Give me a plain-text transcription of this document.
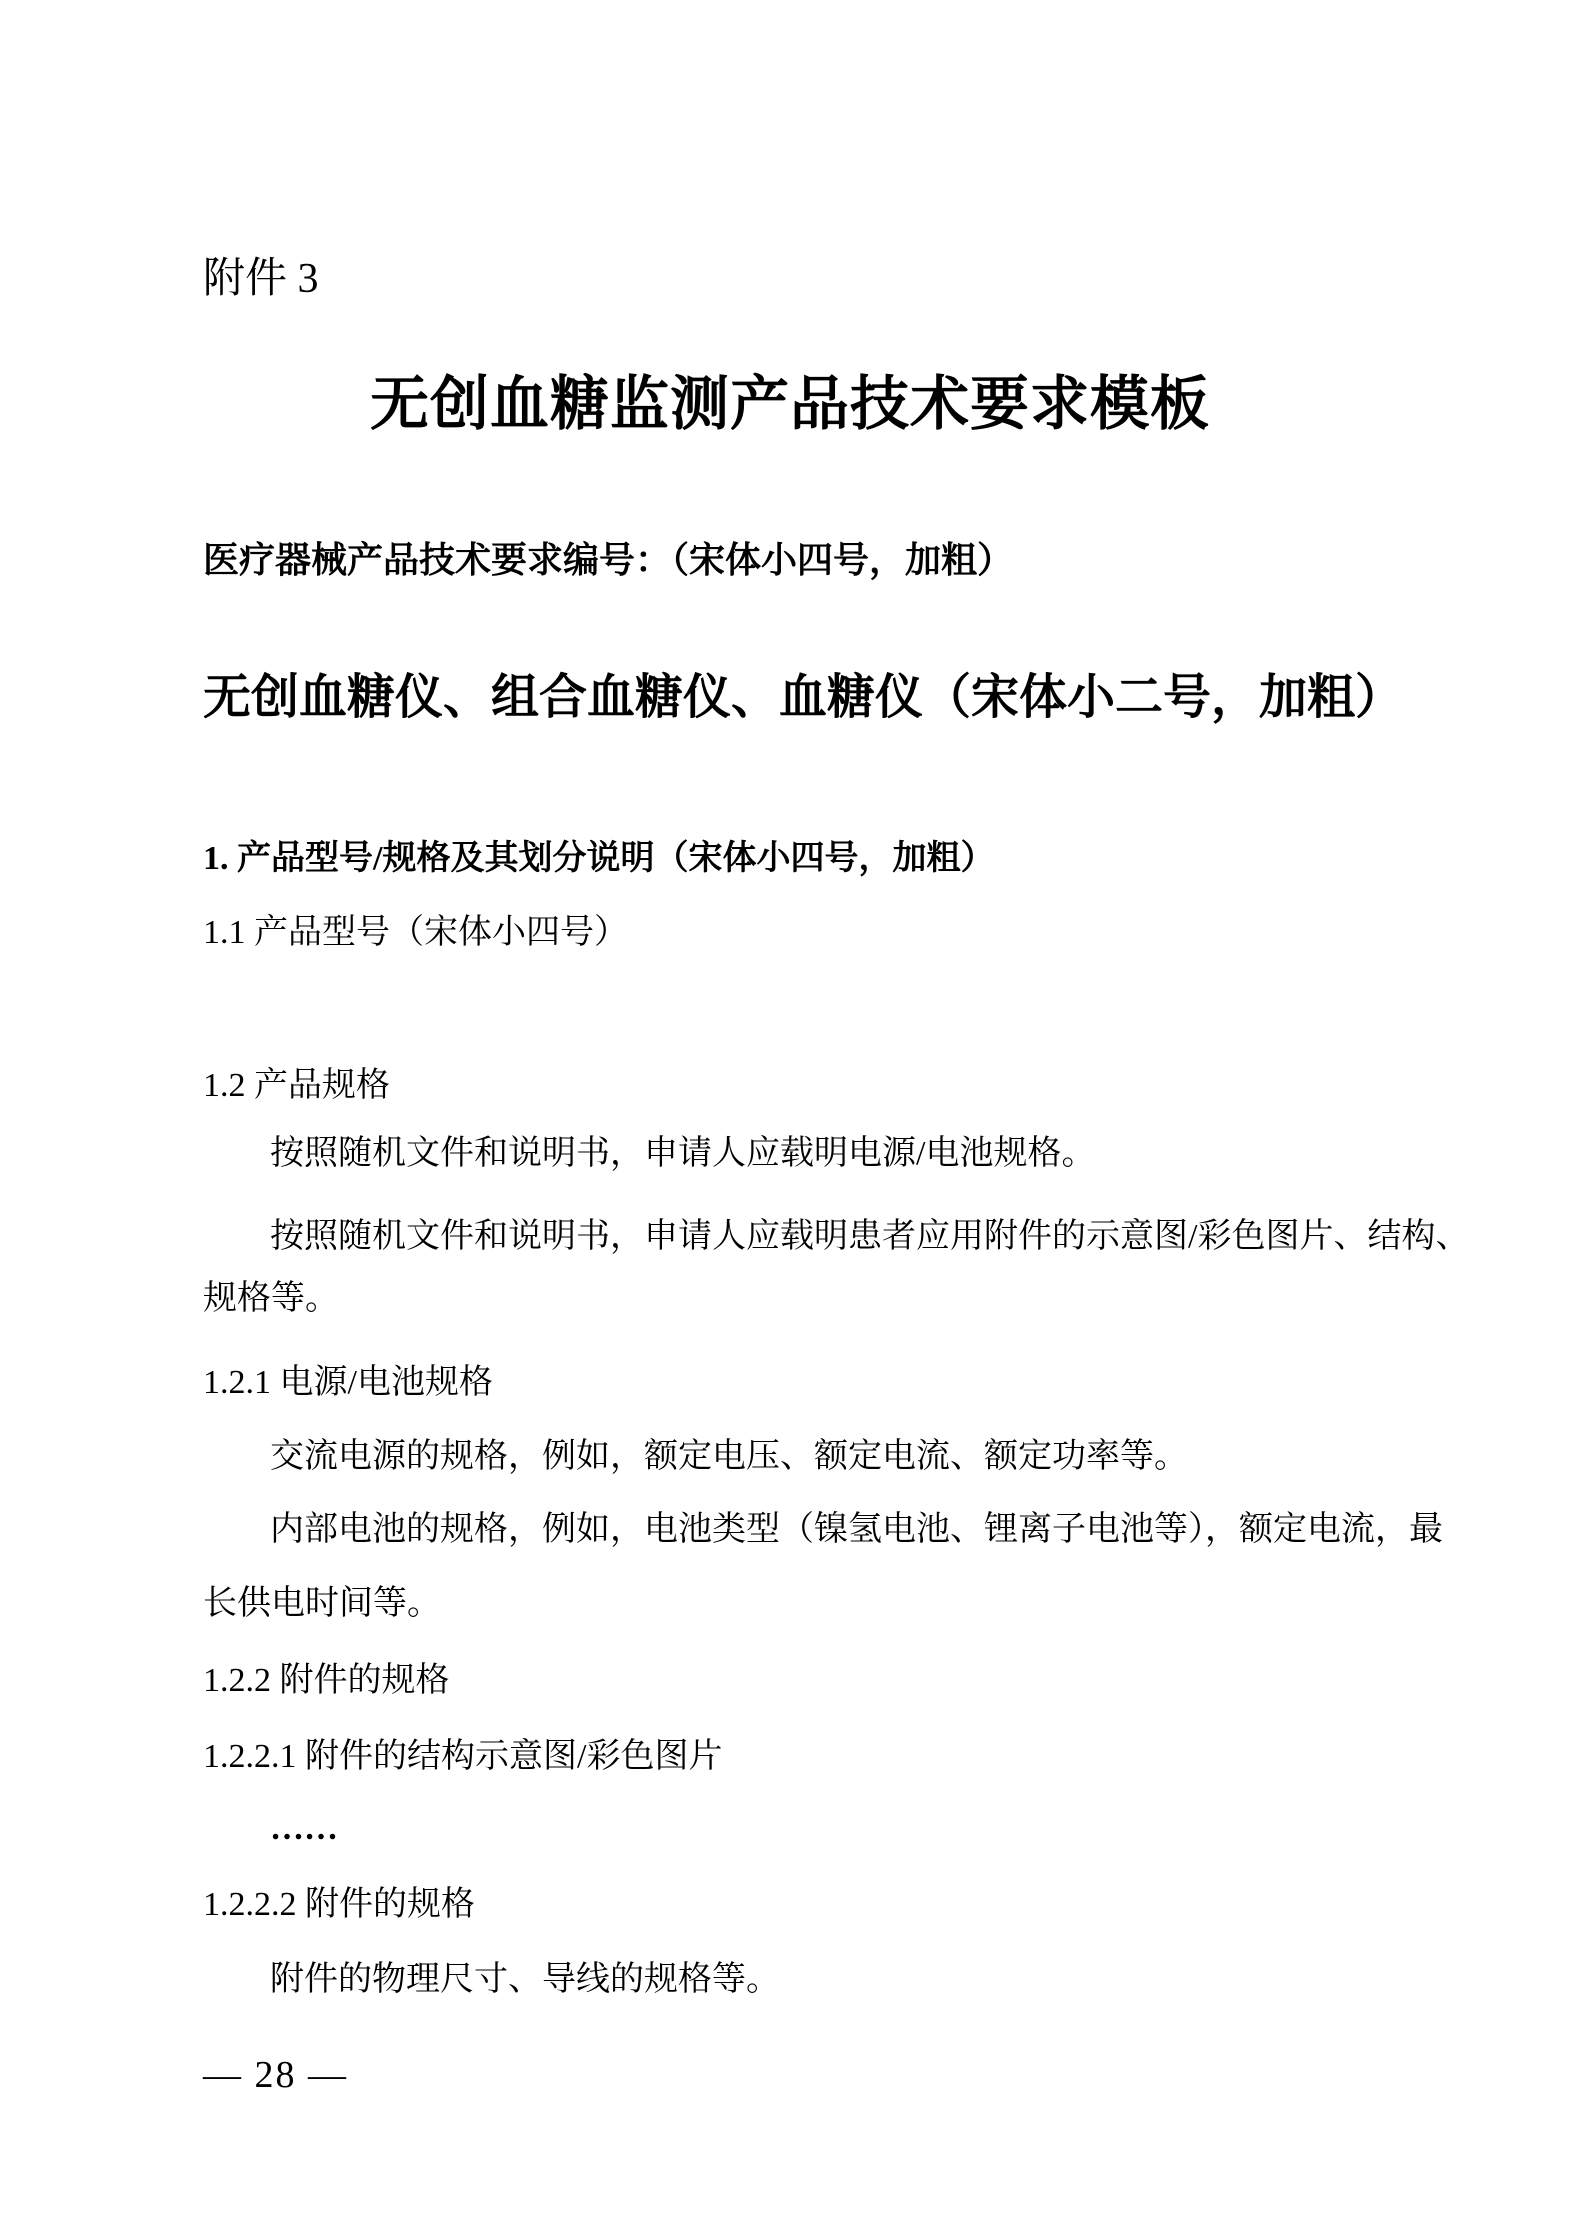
附件 3
无创血糖监测产品技术要求模板
医疗器械产品技术要求编号：（宋体小四号，加粗）
无创血糖仪、组合血糖仪、血糖仪（宋体小二号，加粗）
1. 产品型号/规格及其划分说明（宋体小四号，加粗）
1.1 产品型号（宋体小四号）
1.2 产品规格
按照随机文件和说明书，申请人应载明电源/电池规格。
按照随机文件和说明书，申请人应载明患者应用附件的示意图/彩色图片、结构、
规格等。
1.2.1 电源/电池规格
交流电源的规格，例如，额定电压、额定电流、额定功率等。
内部电池的规格，例如，电池类型（镍氢电池、锂离子电池等），额定电流，最
长供电时间等。
1.2.2 附件的规格
1.2.2.1 附件的结构示意图/彩色图片
……
1.2.2.2 附件的规格
附件的物理尺寸、导线的规格等。
— 28 —
